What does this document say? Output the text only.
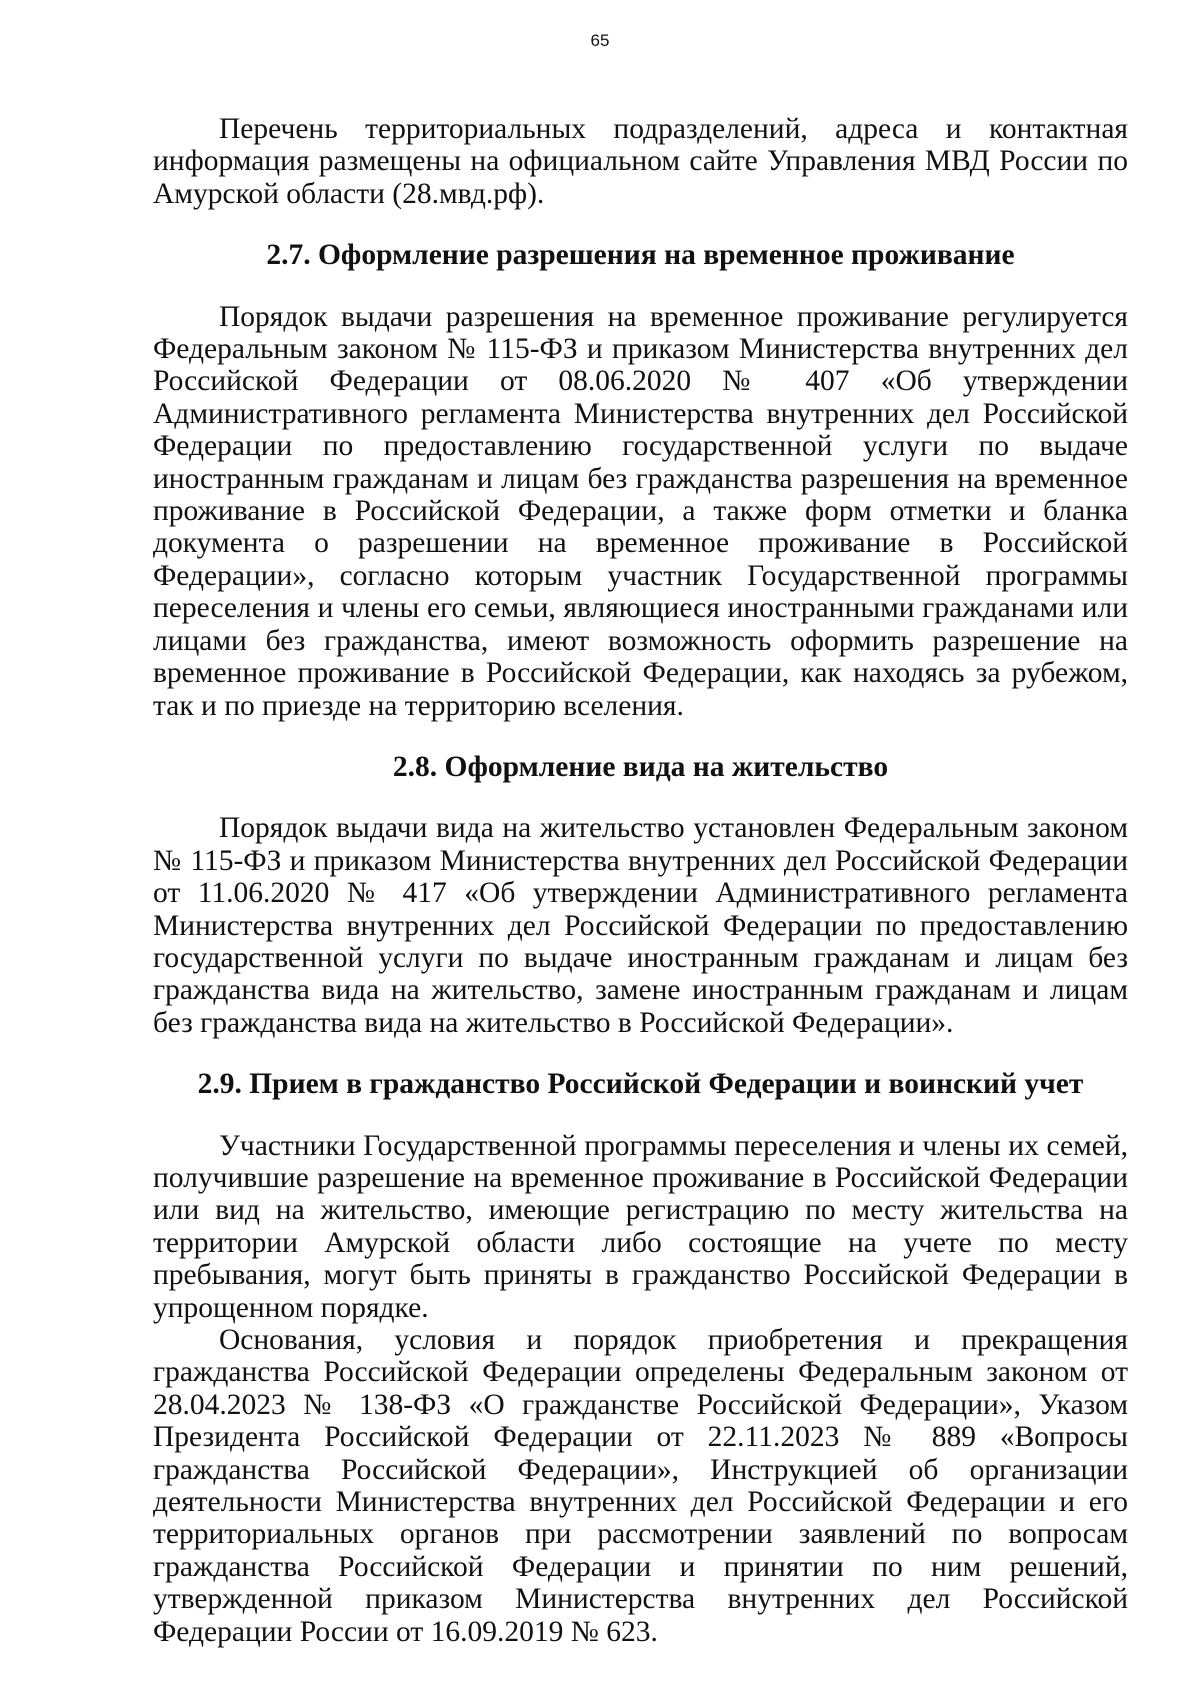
65

Перечень территориальных подразделений, адреса и контактная информация размещены на официальном сайте Управления МВД России по Амурской области (28.мвд.рф).

2.7. Оформление разрешения на временное проживание

Порядок выдачи разрешения на временное проживание регулируется Федеральным законом № 115-ФЗ и приказом Министерства внутренних дел Российской Федерации от 08.06.2020 № 407 «Об утверждении Административного регламента Министерства внутренних дел Российской Федерации по предоставлению государственной услуги по выдаче иностранным гражданам и лицам без гражданства разрешения на временное проживание в Российской Федерации, а также форм отметки и бланка документа о разрешении на временное проживание в Российской Федерации», согласно которым участник Государственной программы переселения и члены его семьи, являющиеся иностранными гражданами или лицами без гражданства, имеют возможность оформить разрешение на временное проживание в Российской Федерации, как находясь за рубежом, так и по приезде на территорию вселения.

2.8. Оформление вида на жительство

Порядок выдачи вида на жительство установлен Федеральным законом № 115-ФЗ и приказом Министерства внутренних дел Российской Федерации от 11.06.2020 № 417 «Об утверждении Административного регламента Министерства внутренних дел Российской Федерации по предоставлению государственной услуги по выдаче иностранным гражданам и лицам без гражданства вида на жительство, замене иностранным гражданам и лицам без гражданства вида на жительство в Российской Федерации».

2.9. Прием в гражданство Российской Федерации и воинский учет

Участники Государственной программы переселения и члены их семей, получившие разрешение на временное проживание в Российской Федерации или вид на жительство, имеющие регистрацию по месту жительства на территории Амурской области либо состоящие на учете по месту пребывания, могут быть приняты в гражданство Российской Федерации в упрощенном порядке.

Основания, условия и порядок приобретения и прекращения гражданства Российской Федерации определены Федеральным законом от 28.04.2023 № 138-ФЗ «О гражданстве Российской Федерации», Указом Президента Российской Федерации от 22.11.2023 № 889 «Вопросы гражданства Российской Федерации», Инструкцией об организации деятельности Министерства внутренних дел Российской Федерации и его территориальных органов при рассмотрении заявлений по вопросам гражданства Российской Федерации и принятии по ним решений, утвержденной приказом Министерства внутренних дел Российской Федерации России от 16.09.2019 № 623.
